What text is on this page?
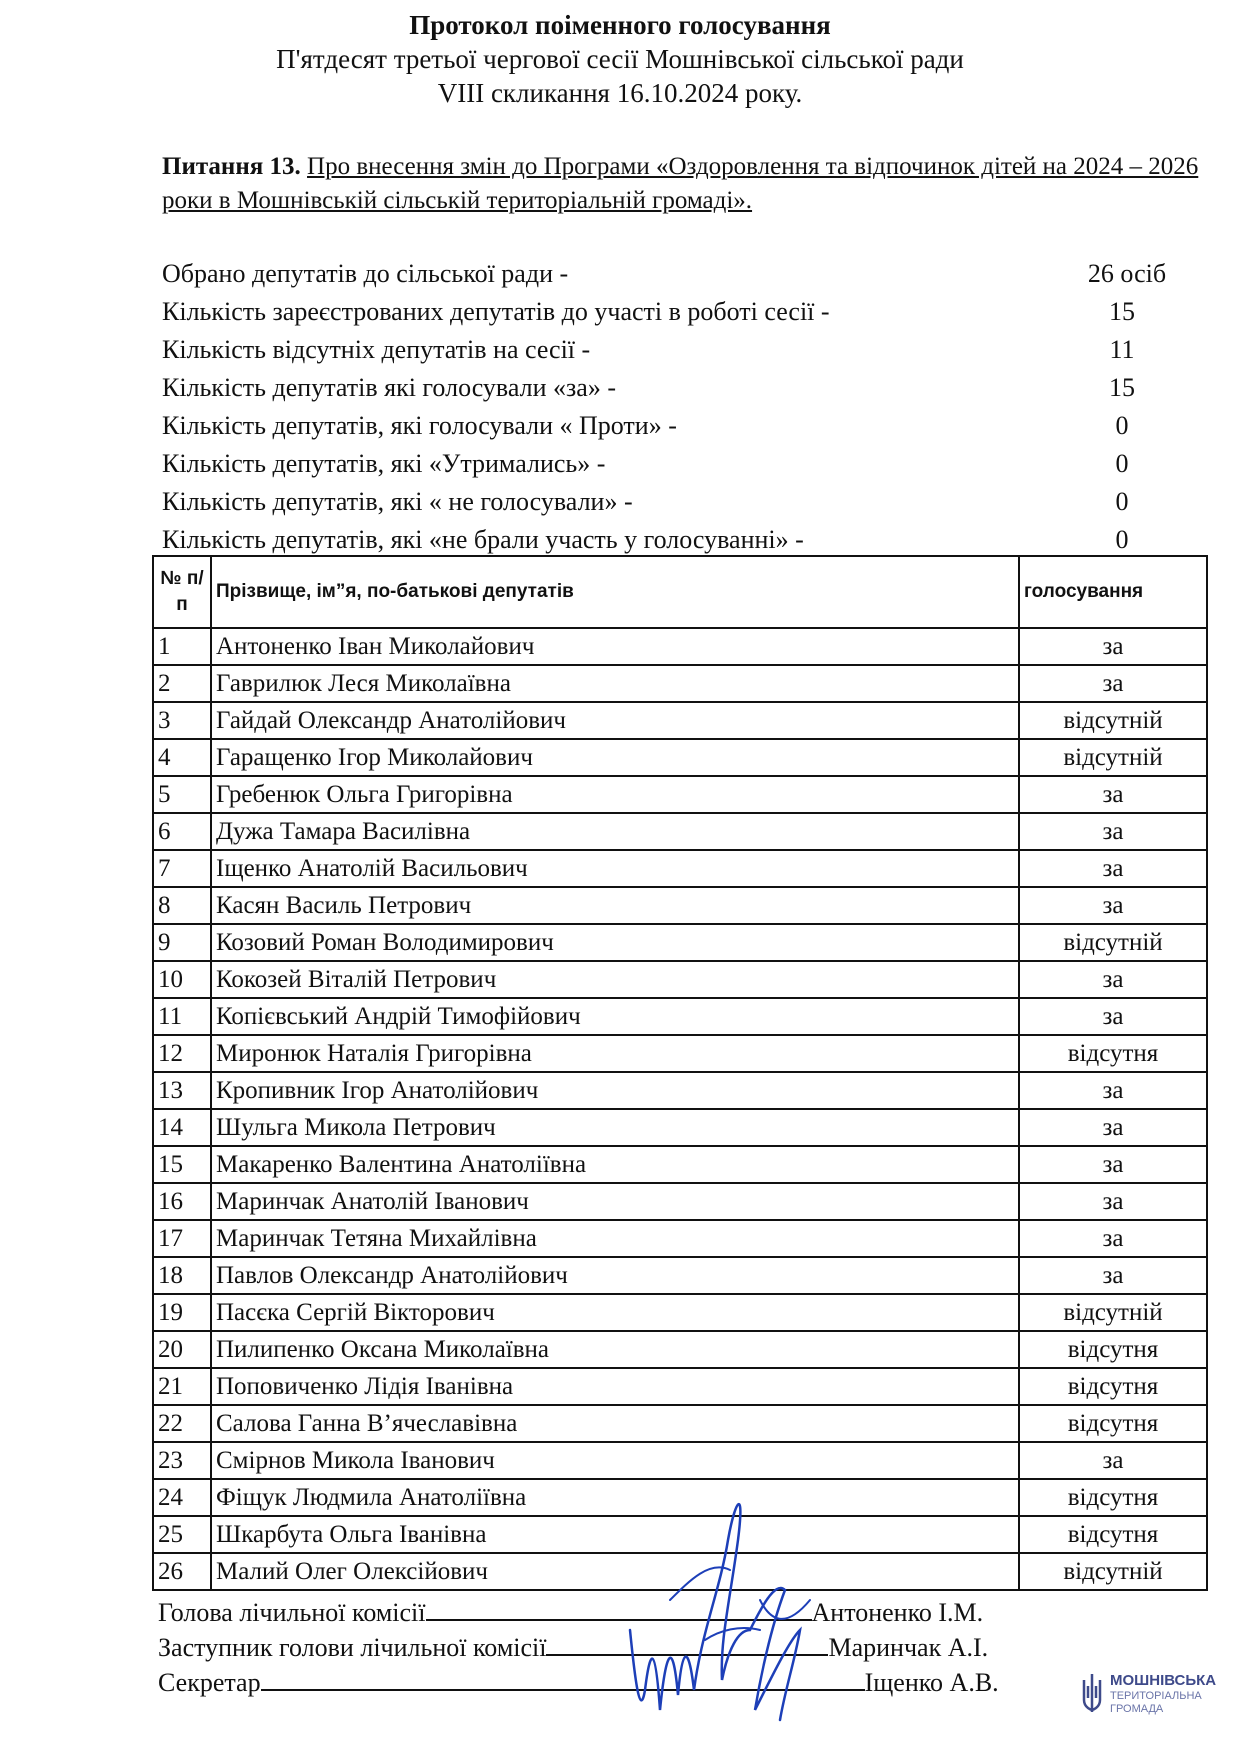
Протокол поіменного голосування
П'ятдесят третьої чергової сесії Мошнівської сільської ради
VIII скликання 16.10.2024 року.
Питання 13. Про внесення змін до Програми «Оздоровлення та відпочинок дітей на 2024 – 2026 роки в Мошнівській сільській територіальній громаді».
Обрано депутатів до сільської ради -	26 осіб
Кількість зареєстрованих депутатів до участі в роботі сесії -	15
Кількість відсутніх депутатів на сесії -	11
Кількість депутатів які голосували «за» -	15
Кількість депутатів, які голосували « Проти» -	0
Кількість депутатів, які «Утримались» -	0
Кількість депутатів, які « не голосували» -	0
Кількість депутатів, які «не брали участь у голосуванні» -	0
№ п/п	Прізвище, ім”я, по-батькові депутатів	голосування
1	Антоненко Іван Миколайович	за
2	Гаврилюк Леся Миколаївна	за
3	Гайдай Олександр Анатолійович	відсутній
4	Гаращенко Ігор Миколайович	відсутній
5	Гребенюк Ольга Григорівна	за
6	Дужа Тамара Василівна	за
7	Іщенко Анатолій Васильович	за
8	Касян Василь Петрович	за
9	Козовий Роман Володимирович	відсутній
10	Кокозей Віталій Петрович	за
11	Копієвський Андрій Тимофійович	за
12	Миронюк Наталія Григорівна	відсутня
13	Кропивник Ігор Анатолійович	за
14	Шульга Микола Петрович	за
15	Макаренко Валентина Анатоліївна	за
16	Маринчак Анатолій Іванович	за
17	Маринчак Тетяна Михайлівна	за
18	Павлов Олександр Анатолійович	за
19	Пасєка Сергій Вікторович	відсутній
20	Пилипенко Оксана Миколаївна	відсутня
21	Поповиченко Лідія Іванівна	відсутня
22	Салова Ганна В’ячеславівна	відсутня
23	Смірнов Микола Іванович	за
24	Фіщук Людмила Анатоліївна	відсутня
25	Шкарбута Ольга Іванівна	відсутня
26	Малий Олег Олексійович	відсутній
Голова лічильної комісії	Антоненко І.М.
Заступник голови лічильної комісії	Маринчак А.І.
Секретар	Іщенко А.В.	МОШНІВСЬКА
ТЕРИТОРІАЛЬНА
ГРОМАДА
